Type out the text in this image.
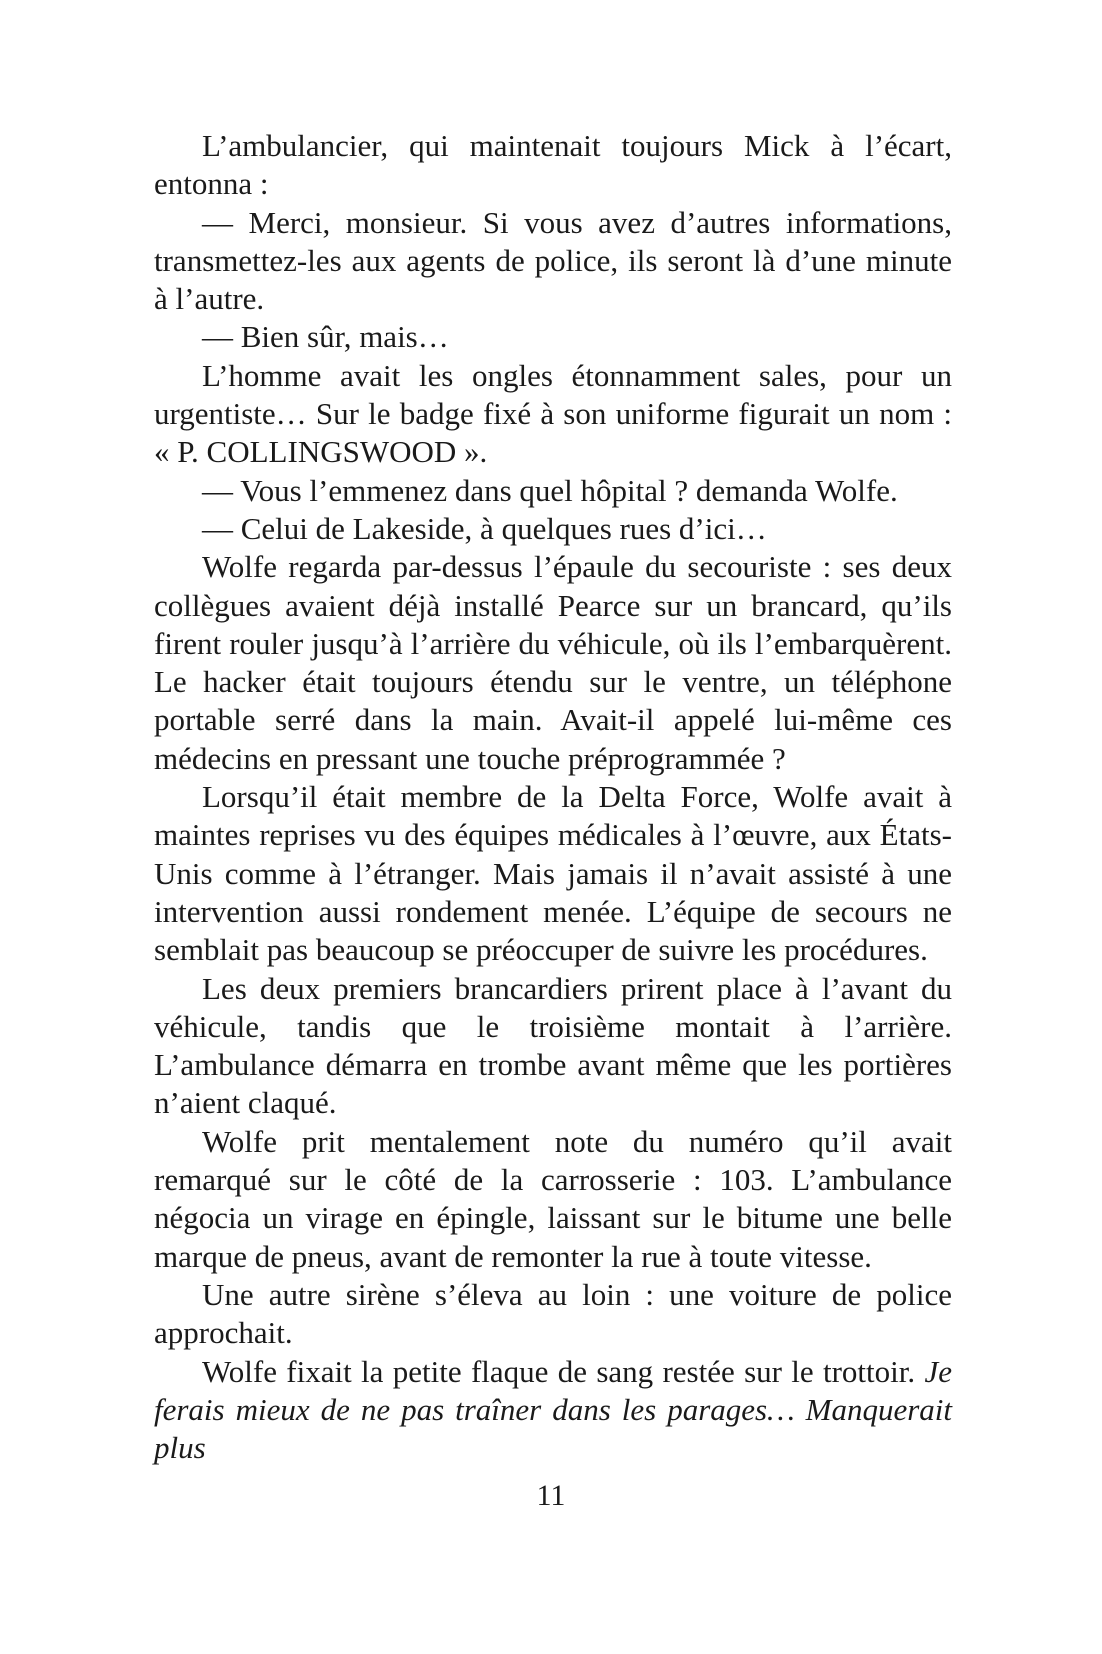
L’ambulancier, qui maintenait toujours Mick à l’écart, entonna :

— Merci, monsieur. Si vous avez d’autres informations, transmettez-les aux agents de police, ils seront là d’une minute à l’autre.

— Bien sûr, mais…

L’homme avait les ongles étonnamment sales, pour un urgentiste… Sur le badge fixé à son uniforme figurait un nom : « P. COLLINGSWOOD ».

— Vous l’emmenez dans quel hôpital ? demanda Wolfe.

— Celui de Lakeside, à quelques rues d’ici…

Wolfe regarda par-dessus l’épaule du secouriste : ses deux collègues avaient déjà installé Pearce sur un brancard, qu’ils firent rouler jusqu’à l’arrière du véhicule, où ils l’embarquèrent. Le hacker était toujours étendu sur le ventre, un téléphone portable serré dans la main. Avait-il appelé lui-même ces médecins en pressant une touche préprogrammée ?

Lorsqu’il était membre de la Delta Force, Wolfe avait à maintes reprises vu des équipes médicales à l’œuvre, aux États-Unis comme à l’étranger. Mais jamais il n’avait assisté à une intervention aussi rondement menée. L’équipe de secours ne semblait pas beaucoup se préoccuper de suivre les procédures.

Les deux premiers brancardiers prirent place à l’avant du véhicule, tandis que le troisième montait à l’arrière. L’ambulance démarra en trombe avant même que les portières n’aient claqué.

Wolfe prit mentalement note du numéro qu’il avait remarqué sur le côté de la carrosserie : 103. L’ambulance négocia un virage en épingle, laissant sur le bitume une belle marque de pneus, avant de remonter la rue à toute vitesse.

Une autre sirène s’éleva au loin : une voiture de police approchait.

Wolfe fixait la petite flaque de sang restée sur le trottoir. Je ferais mieux de ne pas traîner dans les parages… Manquerait plus

11
